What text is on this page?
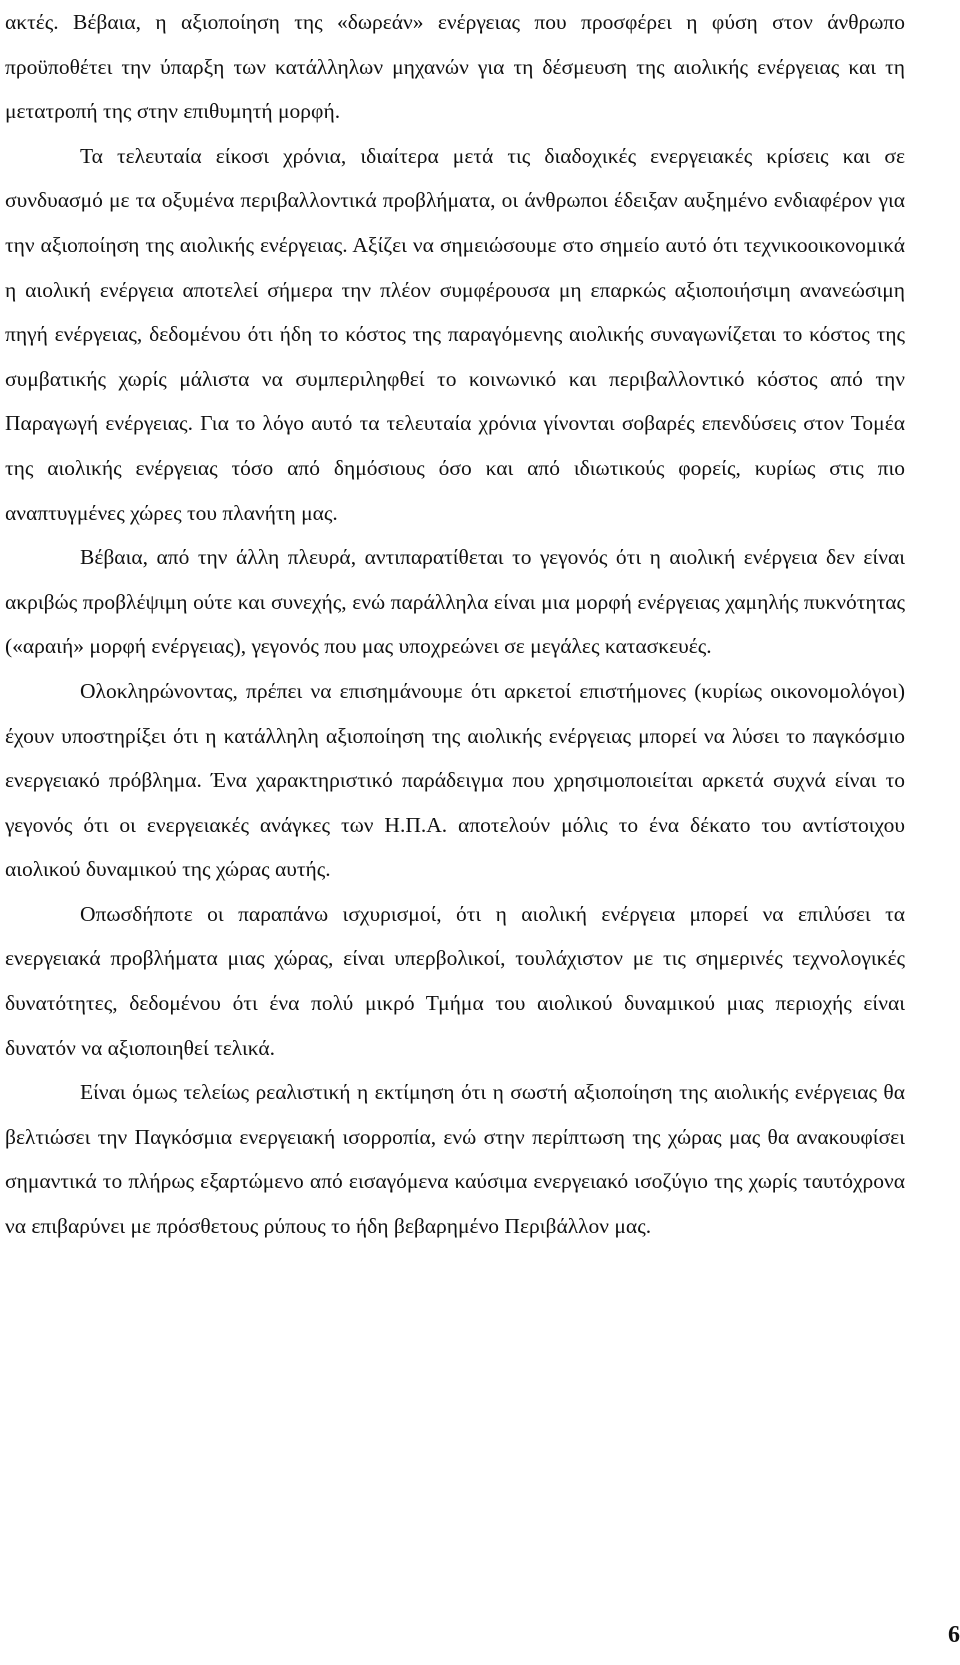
ακτές. Βέβαια, η αξιοποίηση της «δωρεάν» ενέργειας που προσφέρει η φύση στον άνθρωπο προϋποθέτει την ύπαρξη των κατάλληλων μηχανών για τη δέσμευση της αιολικής ενέργειας και τη μετατροπή της στην επιθυμητή μορφή.

Τα τελευταία είκοσι χρόνια, ιδιαίτερα μετά τις διαδοχικές ενεργειακές κρίσεις και σε συνδυασμό με τα οξυμένα περιβαλλοντικά προβλήματα, οι άνθρωποι έδειξαν αυξημένο ενδιαφέρον για την αξιοποίηση της αιολικής ενέργειας. Αξίζει να σημειώσουμε στο σημείο αυτό ότι τεχνικοοικονομικά η αιολική ενέργεια αποτελεί σήμερα την πλέον συμφέρουσα μη επαρκώς αξιοποιήσιμη ανανεώσιμη πηγή ενέργειας, δεδομένου ότι ήδη το κόστος της παραγόμενης αιολικής συναγωνίζεται το κόστος της συμβατικής χωρίς μάλιστα να συμπεριληφθεί το κοινωνικό και περιβαλλοντικό κόστος από την Παραγωγή ενέργειας. Για το λόγο αυτό τα τελευταία χρόνια γίνονται σοβαρές επενδύσεις στον Τομέα της αιολικής ενέργειας τόσο από δημόσιους όσο και από ιδιωτικούς φορείς, κυρίως στις πιο αναπτυγμένες χώρες του πλανήτη μας.

Βέβαια, από την άλλη πλευρά, αντιπαρατίθεται το γεγονός ότι η αιολική ενέργεια δεν είναι ακριβώς προβλέψιμη ούτε και συνεχής, ενώ παράλληλα είναι μια μορφή ενέργειας χαμηλής πυκνότητας («αραιή» μορφή ενέργειας), γεγονός που μας υποχρεώνει σε μεγάλες κατασκευές.

Ολοκληρώνοντας, πρέπει να επισημάνουμε ότι αρκετοί επιστήμονες (κυρίως οικονομολόγοι) έχουν υποστηρίξει ότι η κατάλληλη αξιοποίηση της αιολικής ενέργειας μπορεί να λύσει το παγκόσμιο ενεργειακό πρόβλημα. Ένα χαρακτηριστικό παράδειγμα που χρησιμοποιείται αρκετά συχνά είναι το γεγονός ότι οι ενεργειακές ανάγκες των Η.Π.Α. αποτελούν μόλις το ένα δέκατο του αντίστοιχου αιολικού δυναμικού της χώρας αυτής.

Οπωσδήποτε οι παραπάνω ισχυρισμοί, ότι η αιολική ενέργεια μπορεί να επιλύσει τα ενεργειακά προβλήματα μιας χώρας, είναι υπερβολικοί, τουλάχιστον με τις σημερινές τεχνολογικές δυνατότητες, δεδομένου ότι ένα πολύ μικρό Τμήμα του αιολικού δυναμικού μιας περιοχής είναι δυνατόν να αξιοποιηθεί τελικά.

Είναι όμως τελείως ρεαλιστική η εκτίμηση ότι η σωστή αξιοποίηση της αιολικής ενέργειας θα βελτιώσει την Παγκόσμια ενεργειακή ισορροπία, ενώ στην περίπτωση της χώρας μας θα ανακουφίσει σημαντικά το πλήρως εξαρτώμενο από εισαγόμενα καύσιμα ενεργειακό ισοζύγιο της χωρίς ταυτόχρονα να επιβαρύνει με πρόσθετους ρύπους το ήδη βεβαρημένο Περιβάλλον μας.

6
